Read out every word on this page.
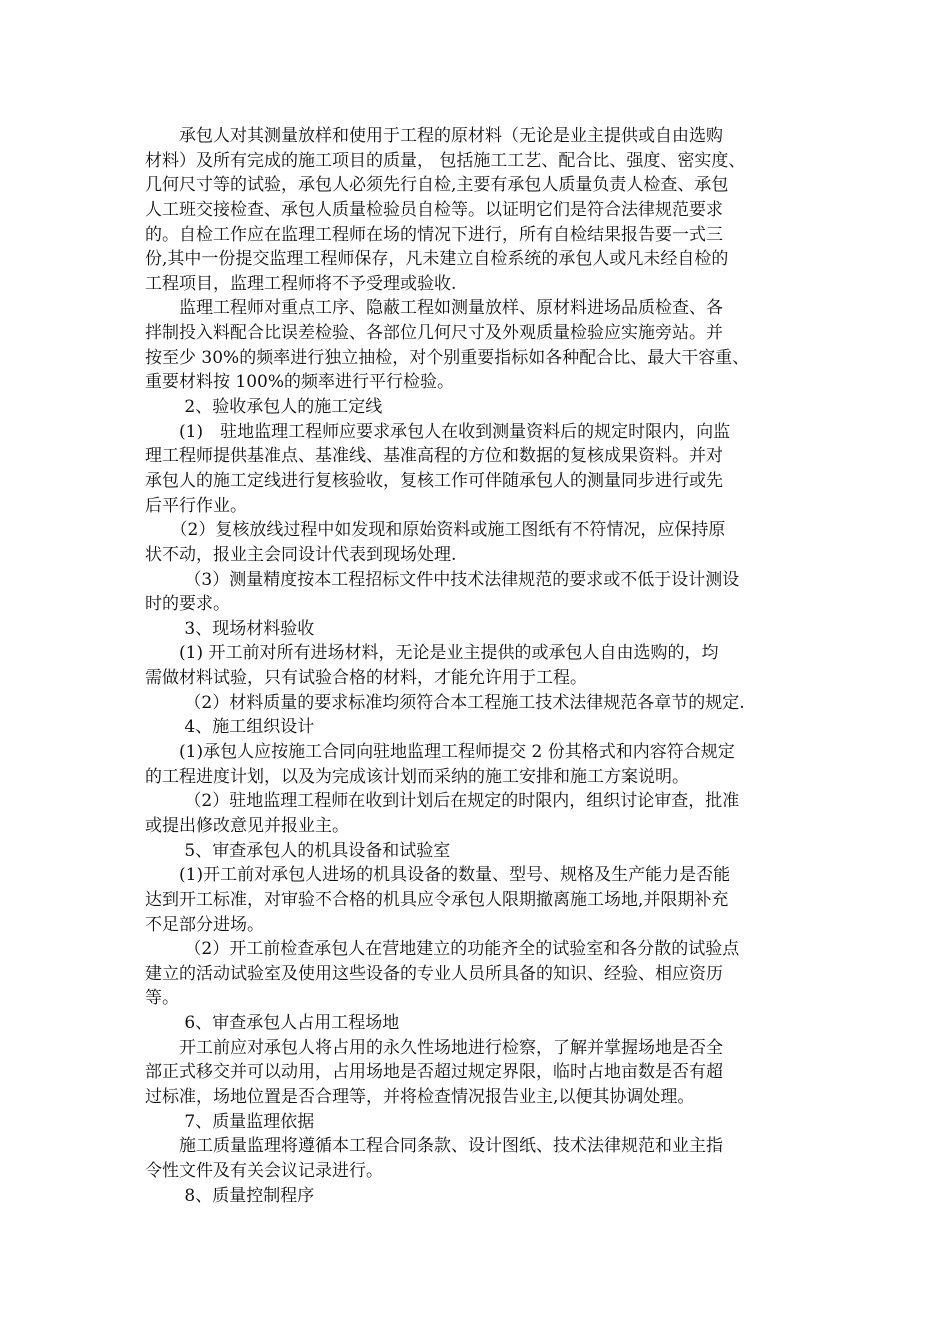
　　承包人对其测量放样和使用于工程的原材料（无论是业主提供或自由选购
材料）及所有完成的施工项目的质量， 包括施工工艺、配合比、强度、密实度、
几何尺寸等的试验，承包人必须先行自检,主要有承包人质量负责人检查、承包
人工班交接检查、承包人质量检验员自检等。以证明它们是符合法律规范要求
的。自检工作应在监理工程师在场的情况下进行，所有自检结果报告要一式三
份,其中一份提交监理工程师保存，凡未建立自检系统的承包人或凡未经自检的
工程项目，监理工程师将不予受理或验收.
　　监理工程师对重点工序、隐蔽工程如测量放样、原材料进场品质检查、各
拌制投入料配合比误差检验、各部位几何尺寸及外观质量检验应实施旁站。并
按至少 30%的频率进行独立抽检，对个别重要指标如各种配合比、最大干容重、
重要材料按 100%的频率进行平行检验。
　　 2、验收承包人的施工定线
　　(1)　驻地监理工程师应要求承包人在收到测量资料后的规定时限内，向监
理工程师提供基准点、基准线、基准高程的方位和数据的复核成果资料。并对
承包人的施工定线进行复核验收，复核工作可伴随承包人的测量同步进行或先
后平行作业。
　　（2）复核放线过程中如发现和原始资料或施工图纸有不符情况，应保持原
状不动，报业主会同设计代表到现场处理.
　　 （3）测量精度按本工程招标文件中技术法律规范的要求或不低于设计测设
时的要求。
　　 3、现场材料验收
　　(1) 开工前对所有进场材料，无论是业主提供的或承包人自由选购的，均
需做材料试验，只有试验合格的材料，才能允许用于工程。
　　 （2）材料质量的要求标准均须符合本工程施工技术法律规范各章节的规定.
　　 4、施工组织设计
　　(1)承包人应按施工合同向驻地监理工程师提交 2 份其格式和内容符合规定
的工程进度计划，以及为完成该计划而采纳的施工安排和施工方案说明。
　　 （2）驻地监理工程师在收到计划后在规定的时限内，组织讨论审查，批准
或提出修改意见并报业主。
　　 5、审查承包人的机具设备和试验室
　　(1)开工前对承包人进场的机具设备的数量、型号、规格及生产能力是否能
达到开工标准，对审验不合格的机具应令承包人限期撤离施工场地,并限期补充
不足部分进场。
　　 （2）开工前检查承包人在营地建立的功能齐全的试验室和各分散的试验点
建立的活动试验室及使用这些设备的专业人员所具备的知识、经验、相应资历
等。
　　 6、审查承包人占用工程场地
　　开工前应对承包人将占用的永久性场地进行检察，了解并掌握场地是否全
部正式移交并可以动用，占用场地是否超过规定界限，临时占地亩数是否有超
过标准，场地位置是否合理等，并将检查情况报告业主,以便其协调处理。
　　 7、质量监理依据
　　施工质量监理将遵循本工程合同条款、设计图纸、技术法律规范和业主指
令性文件及有关会议记录进行。
　　 8、质量控制程序
